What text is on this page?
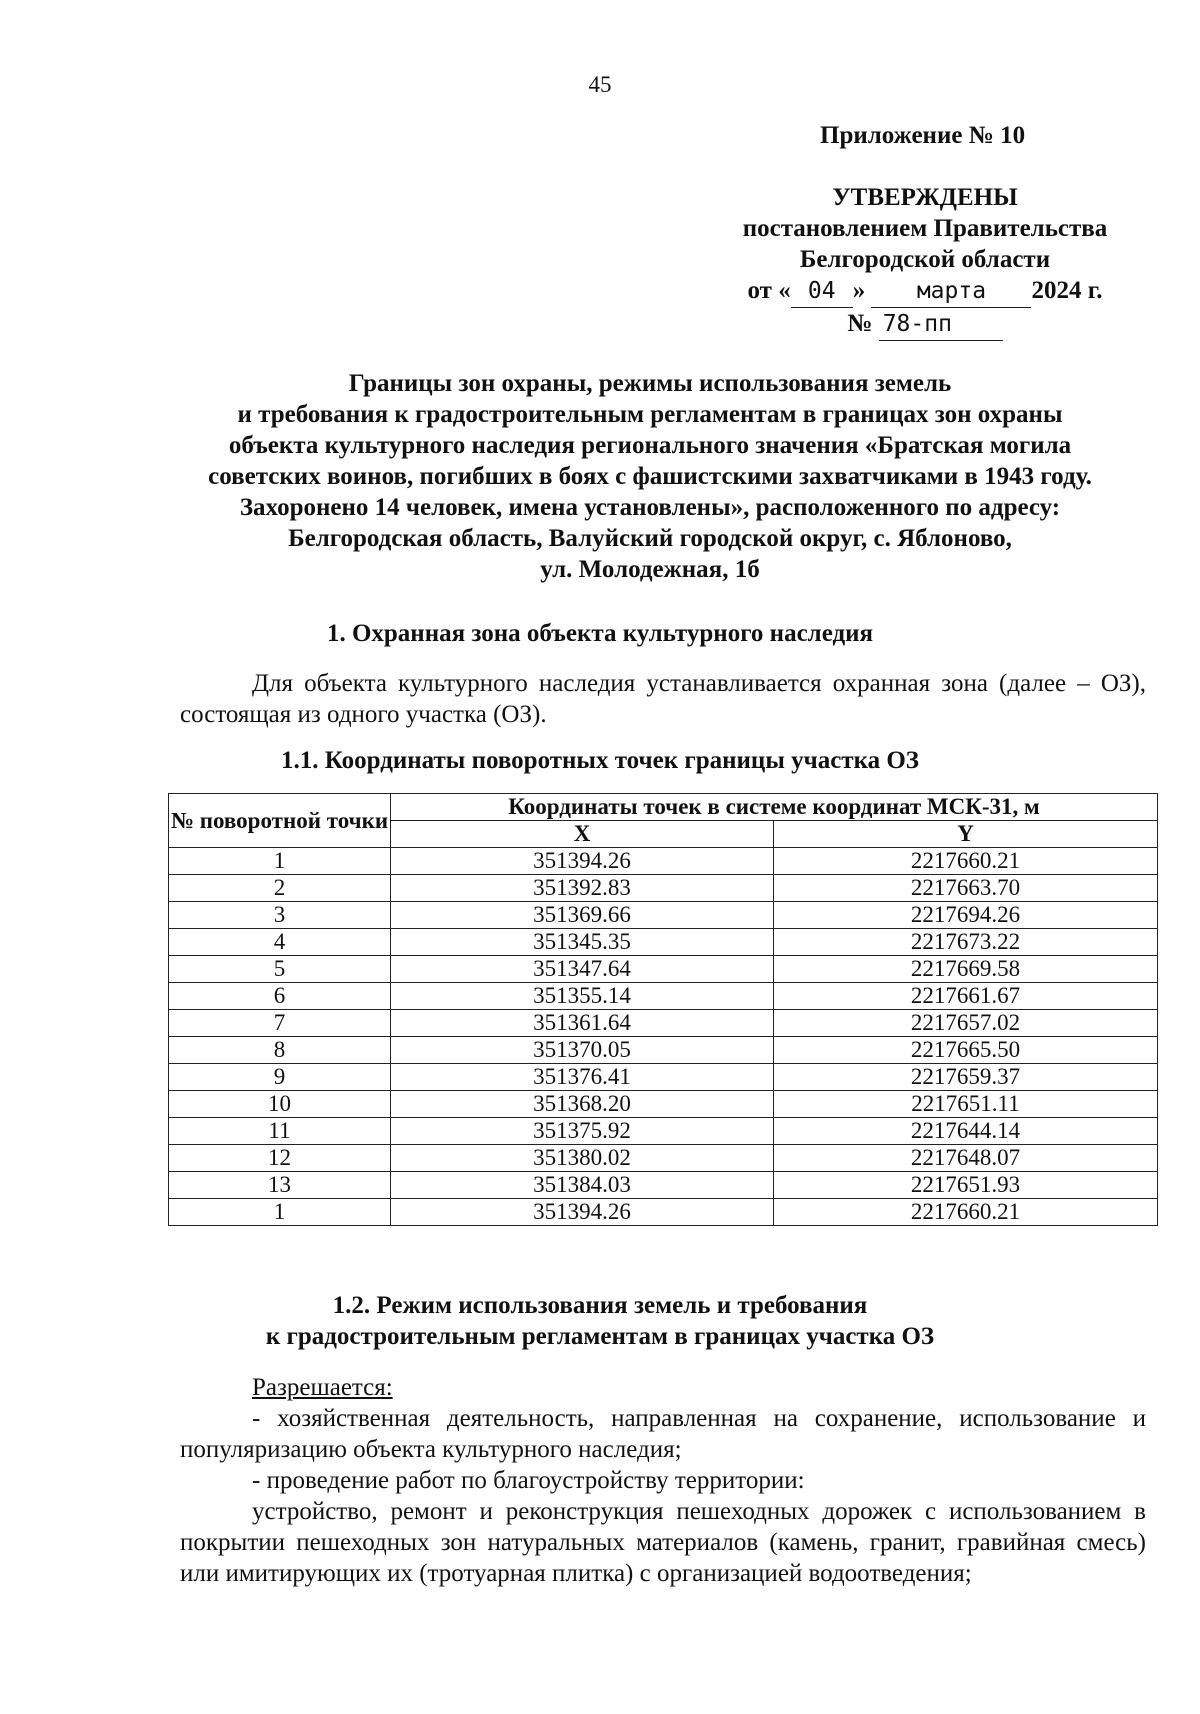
45
Приложение № 10
УТВЕРЖДЕНЫ
постановлением Правительства
Белгородской области
от « 04 » марта 2024 г.
№ 78-пп
Границы зон охраны, режимы использования земель
и требования к градостроительным регламентам в границах зон охраны
объекта культурного наследия регионального значения «Братская могила
советских воинов, погибших в боях с фашистскими захватчиками в 1943 году.
Захоронено 14 человек, имена установлены», расположенного по адресу:
Белгородская область, Валуйский городской округ, с. Яблоново,
ул. Молодежная, 1б
1. Охранная зона объекта культурного наследия

Для объекта культурного наследия устанавливается охранная зона (далее – ОЗ), состоящая из одного участка (ОЗ).

1.1. Координаты поворотных точек границы участка ОЗ
№ поворотной точки	Координаты точек в системе координат МСК-31, м	
	X	Y
1	351394.26	2217660.21
2	351392.83	2217663.70
3	351369.66	2217694.26
4	351345.35	2217673.22
5	351347.64	2217669.58
6	351355.14	2217661.67
7	351361.64	2217657.02
8	351370.05	2217665.50
9	351376.41	2217659.37
10	351368.20	2217651.11
11	351375.92	2217644.14
12	351380.02	2217648.07
13	351384.03	2217651.93
1	351394.26	2217660.21
1.2. Режим использования земель и требования
к градостроительным регламентам в границах участка ОЗ

Разрешается:

- хозяйственная деятельность, направленная на сохранение, использование и популяризацию объекта культурного наследия;

- проведение работ по благоустройству территории:

устройство, ремонт и реконструкция пешеходных дорожек с использованием в покрытии пешеходных зон натуральных материалов (камень, гранит, гравийная смесь) или имитирующих их (тротуарная плитка) с организацией водоотведения;
